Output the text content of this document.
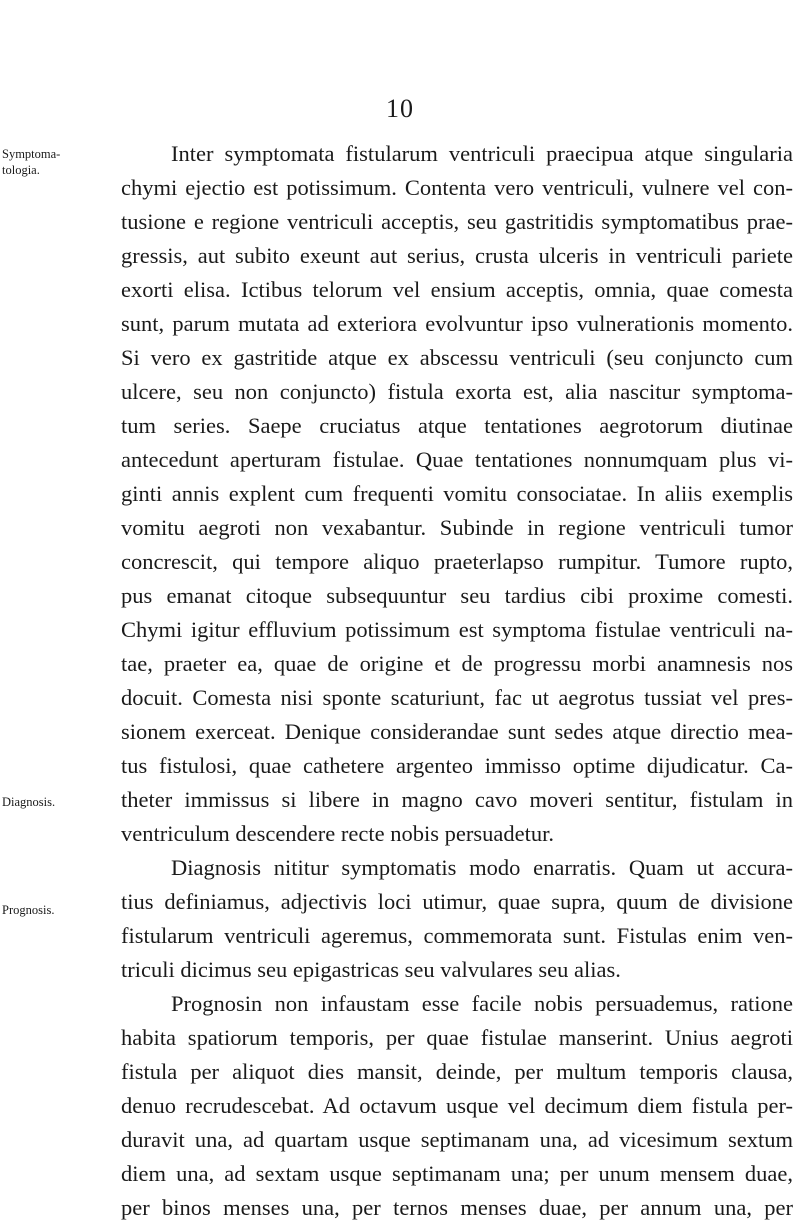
10
Symptoma-
tologia.
Diagnosis.
Prognosis.
Inter symptomata fistularum ventriculi praecipua atque singularia
chymi ejectio est potissimum. Contenta vero ventriculi, vulnere vel con-
tusione e regione ventriculi acceptis, seu gastritidis symptomatibus prae-
gressis, aut subito exeunt aut serius, crusta ulceris in ventriculi pariete
exorti elisa. Ictibus telorum vel ensium acceptis, omnia, quae comesta
sunt, parum mutata ad exteriora evolvuntur ipso vulnerationis momento.
Si vero ex gastritide atque ex abscessu ventriculi (seu conjuncto cum
ulcere, seu non conjuncto) fistula exorta est, alia nascitur symptoma-
tum series. Saepe cruciatus atque tentationes aegrotorum diutinae
antecedunt aperturam fistulae. Quae tentationes nonnumquam plus vi-
ginti annis explent cum frequenti vomitu consociatae. In aliis exemplis
vomitu aegroti non vexabantur. Subinde in regione ventriculi tumor
concrescit, qui tempore aliquo praeterlapso rumpitur. Tumore rupto,
pus emanat citoque subsequuntur seu tardius cibi proxime comesti.
Chymi igitur effluvium potissimum est symptoma fistulae ventriculi na-
tae, praeter ea, quae de origine et de progressu morbi anamnesis nos
docuit. Comesta nisi sponte scaturiunt, fac ut aegrotus tussiat vel pres-
sionem exerceat. Denique considerandae sunt sedes atque directio mea-
tus fistulosi, quae cathetere argenteo immisso optime dijudicatur. Ca-
theter immissus si libere in magno cavo moveri sentitur, fistulam in
ventriculum descendere recte nobis persuadetur.
Diagnosis nititur symptomatis modo enarratis. Quam ut accura-
tius definiamus, adjectivis loci utimur, quae supra, quum de divisione
fistularum ventriculi ageremus, commemorata sunt. Fistulas enim ven-
triculi dicimus seu epigastricas seu valvulares seu alias.
Prognosin non infaustam esse facile nobis persuademus, ratione
habita spatiorum temporis, per quae fistulae manserint. Unius aegroti
fistula per aliquot dies mansit, deinde, per multum temporis clausa,
denuo recrudescebat. Ad octavum usque vel decimum diem fistula per-
duravit una, ad quartam usque septimanam una, ad vicesimum sextum
diem una, ad sextam usque septimanam una; per unum mensem duae,
per binos menses una, per ternos menses duae, per annum una, per
